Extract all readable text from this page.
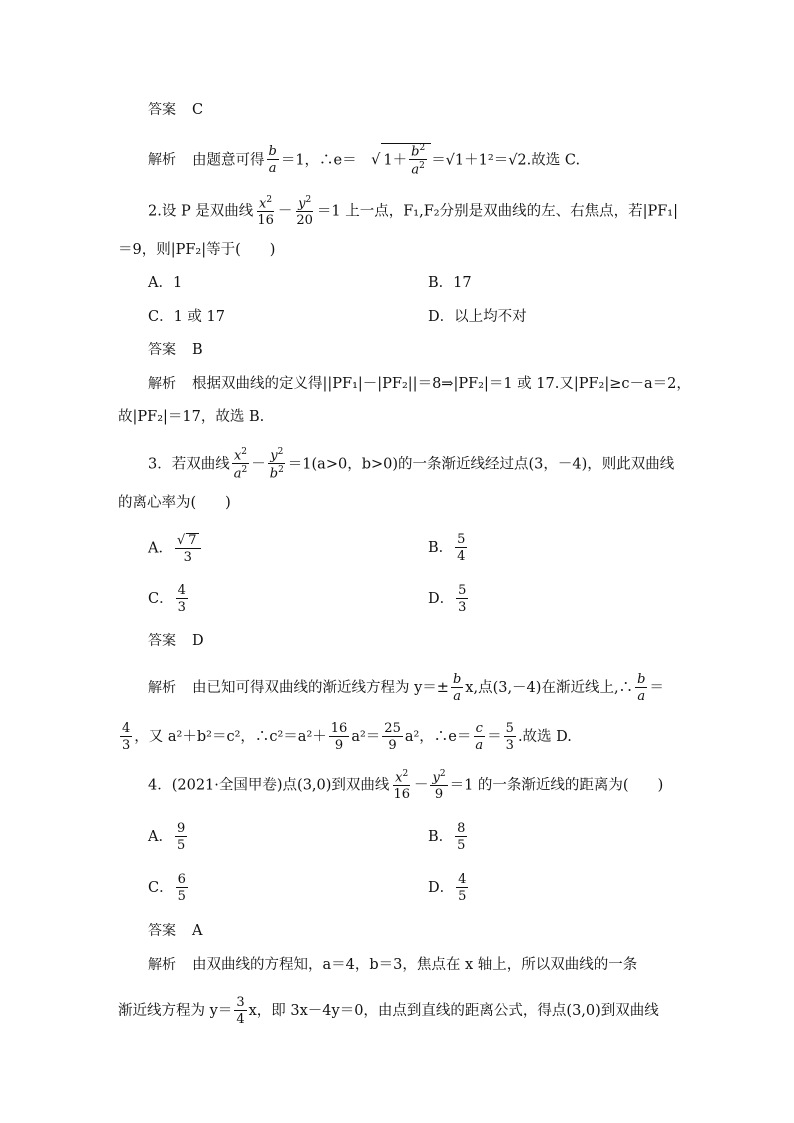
答案 C
解析 由题意可得 $\frac{b}{a} =1$，∴e＝　 √ $1+ \frac{b^2}{a^2} =√1+1^2=√2$.故选 C.
2.设 P 是双曲线 $\frac{x^2}{16} - \frac{y^2}{20} =1$ 上一点，F₁,F₂分别是双曲线的左、右焦点，若|PF₁|
＝9，则|PF₂|等于(　　)
A．1	B．17
C．1 或 17	D．以上均不对
答案 B
解析 根据双曲线的定义得||PF₁|－|PF₂||＝8⇒|PF₂|＝1 或 17.又|PF₂|≥c－a＝2，
故|PF₂|＝17，故选 B.
3．若双曲线 $\frac{x^2}{a^2} - \frac{y^2}{b^2} =1(a>0$，b>0)的一条渐近线经过点(3，－4)，则此双曲线
的离心率为(　　)
A． √ $\frac{7}{3}$	B． $\frac{5}{4}$
C． $\frac{4}{3}$	D． $\frac{5}{3}$
答案 D
解析 由已知可得双曲线的渐近线方程为 $y=\pm \frac{b}{a} x$,点(3,－4)在渐近线上,∴ $\frac{b}{a}$ ＝
$\frac{4}{3}$ ，又 a²＋b²＝c²，∴c²＝a²＋ $\frac{16}{9} a^2= \frac{25}{9} a^2$，∴e＝ $\frac{c}{a} = \frac{5}{3}$ .故选 D.
4．(2021·全国甲卷)点(3,0)到双曲线 $\frac{x^2}{16} - \frac{y^2}{9} =1$ 的一条渐近线的距离为(　　)
A． $\frac{9}{5}$	B． $\frac{8}{5}$
C． $\frac{6}{5}$	D． $\frac{4}{5}$
答案 A
解析 由双曲线的方程知，a＝4，b＝3，焦点在 x 轴上，所以双曲线的一条
渐近线方程为 $y= \frac{3}{4}$ x，即 3x－4y＝0，由点到直线的距离公式，得点(3,0)到双曲线
